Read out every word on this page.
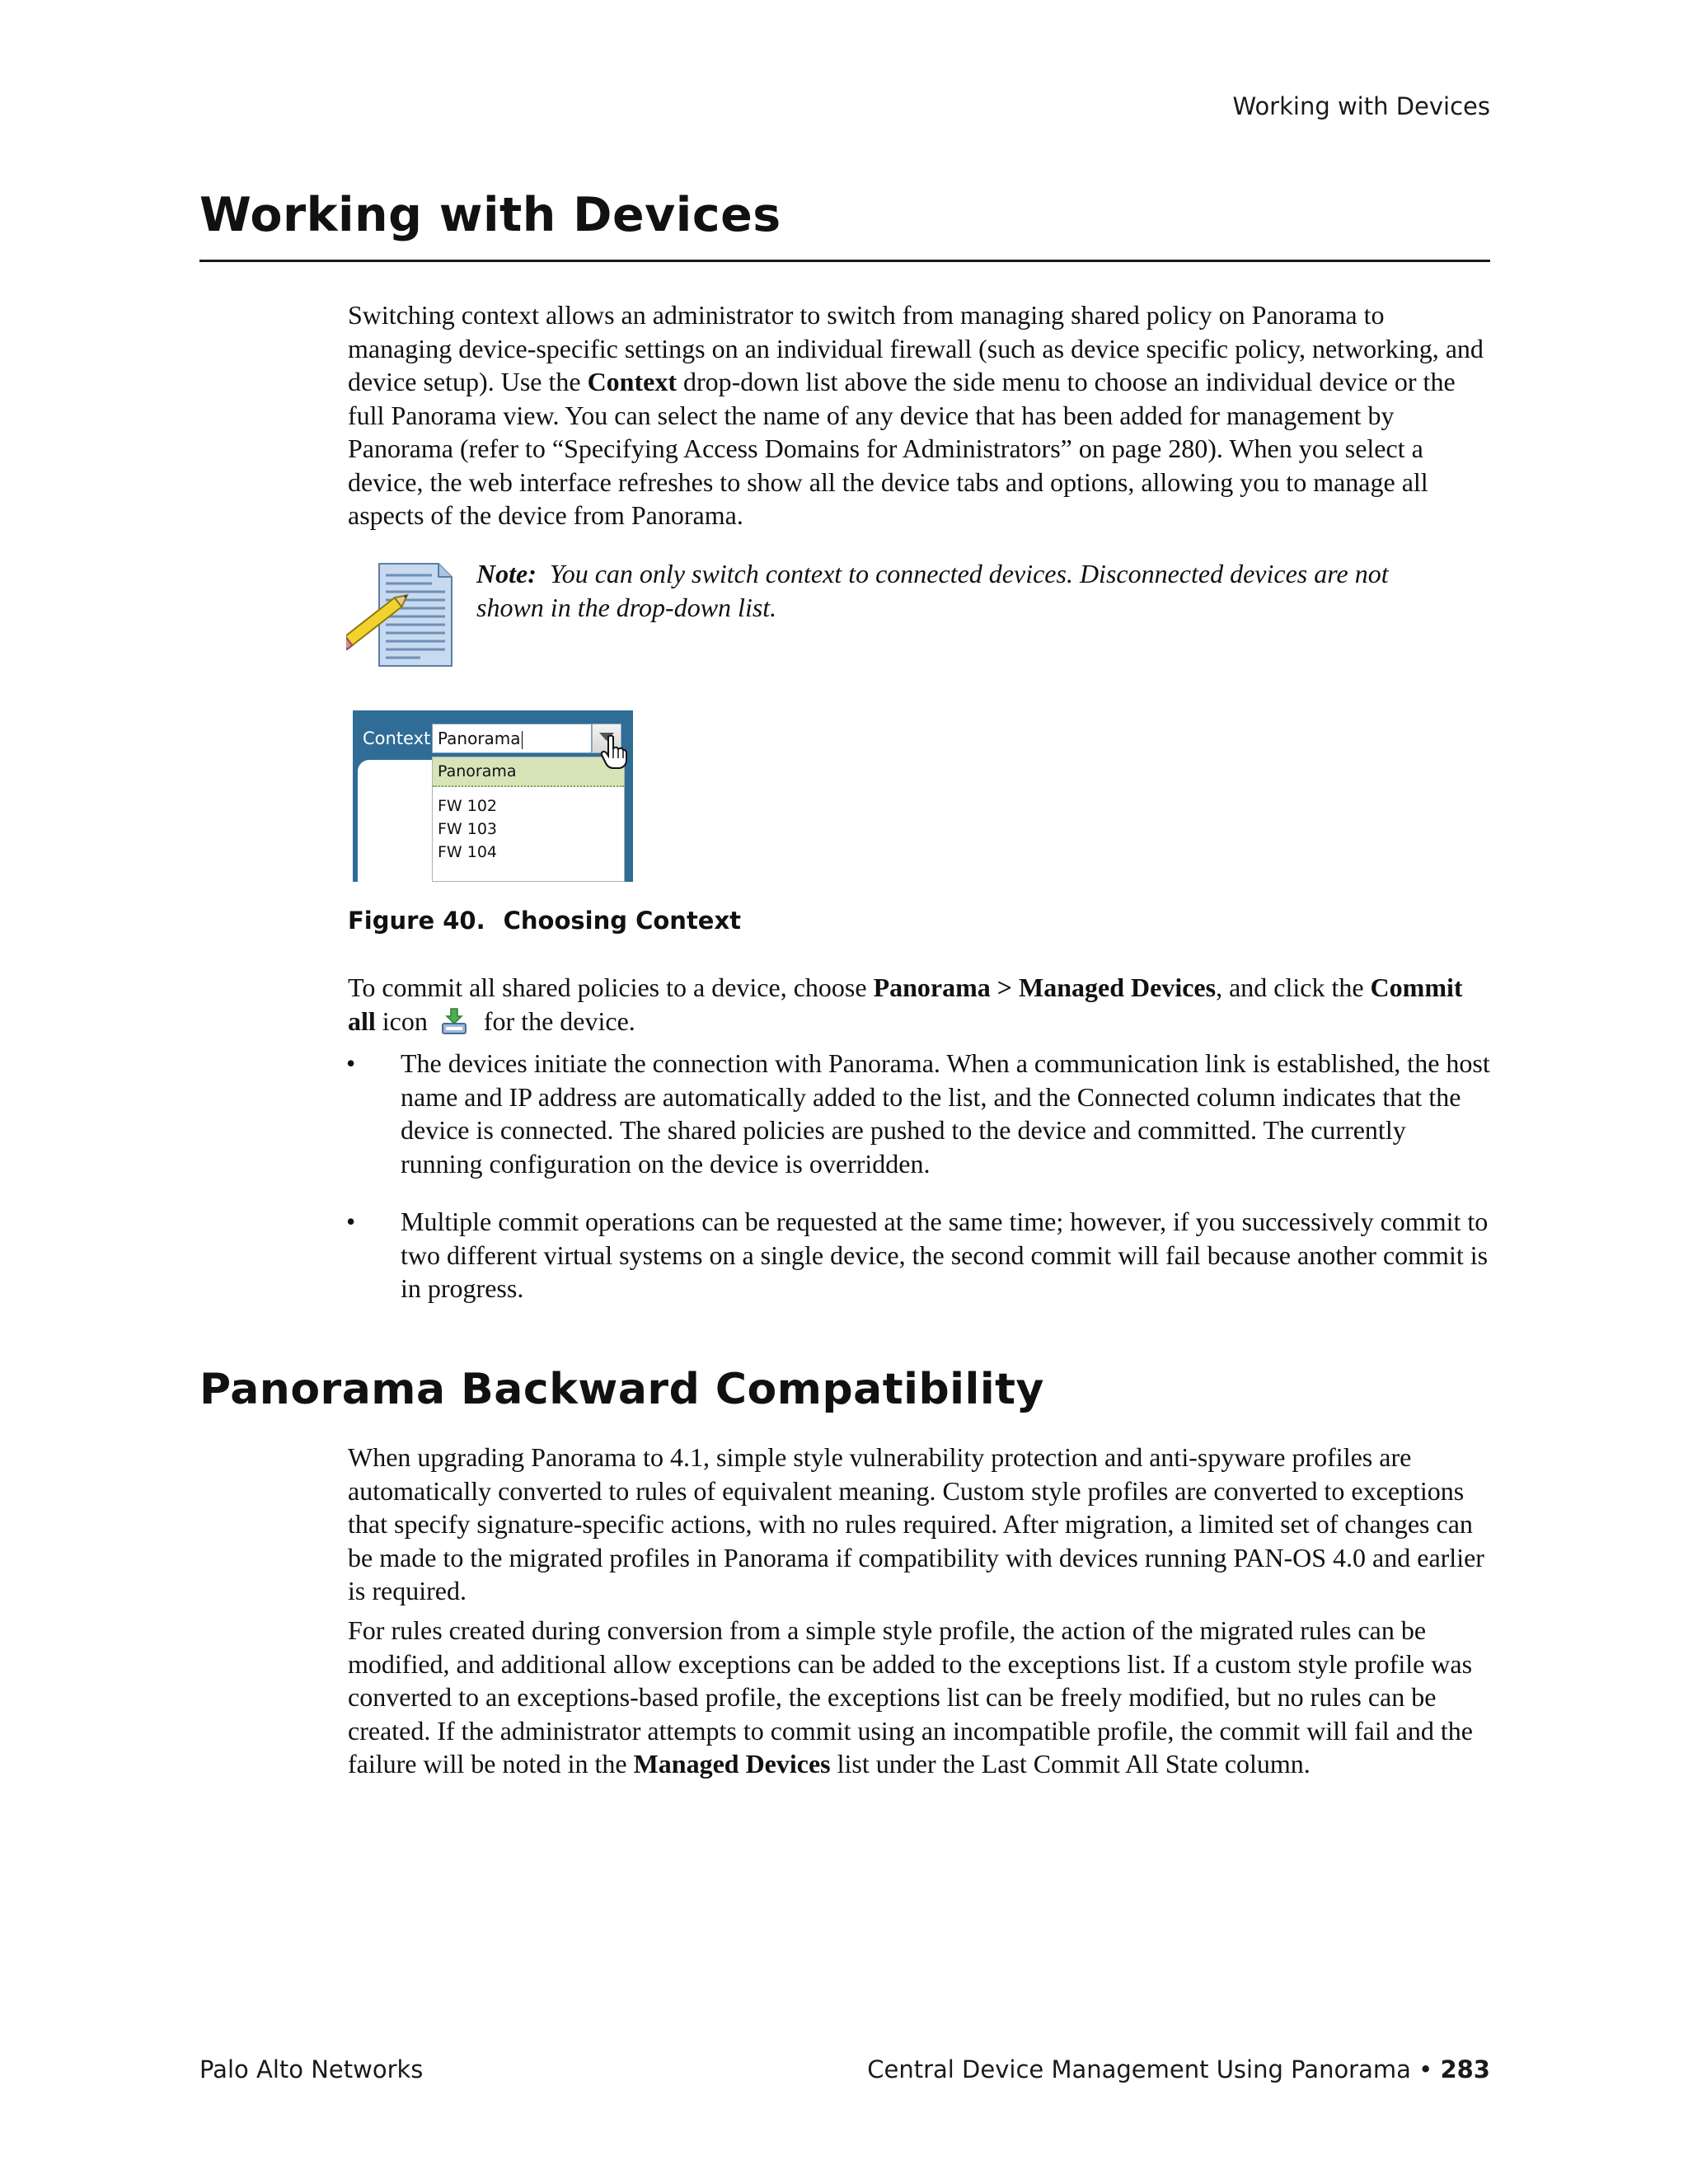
Working with Devices
Working with Devices

Switching context allows an administrator to switch from managing shared policy on Panorama to managing device-specific settings on an individual firewall (such as device specific policy, networking, and device setup). Use the Context drop-down list above the side menu to choose an individual device or the full Panorama view. You can select the name of any device that has been added for management by Panorama (refer to “Specifying Access Domains for Administrators” on page 280). When you select a device, the web interface refreshes to show all the device tabs and options, allowing you to manage all aspects of the device from Panorama.

Note: You can only switch context to connected devices. Disconnected devices are not shown in the drop-down list.
Context Panorama
Panorama
FW 102
FW 103
FW 104
Figure 40. Choosing Context

To commit all shared policies to a device, choose Panorama > Managed Devices, and click the Commit all icon for the device.

• The devices initiate the connection with Panorama. When a communication link is established, the host name and IP address are automatically added to the list, and the Connected column indicates that the device is connected. The shared policies are pushed to the device and committed. The currently running configuration on the device is overridden.

• Multiple commit operations can be requested at the same time; however, if you successively commit to two different virtual systems on a single device, the second commit will fail because another commit is in progress.

Panorama Backward Compatibility

When upgrading Panorama to 4.1, simple style vulnerability protection and anti-spyware profiles are automatically converted to rules of equivalent meaning. Custom style profiles are converted to exceptions that specify signature-specific actions, with no rules required. After migration, a limited set of changes can be made to the migrated profiles in Panorama if compatibility with devices running PAN-OS 4.0 and earlier is required.

For rules created during conversion from a simple style profile, the action of the migrated rules can be modified, and additional allow exceptions can be added to the exceptions list. If a custom style profile was converted to an exceptions-based profile, the exceptions list can be freely modified, but no rules can be created. If the administrator attempts to commit using an incompatible profile, the commit will fail and the failure will be noted in the Managed Devices list under the Last Commit All State column.

Palo Alto Networks	Central Device Management Using Panorama • 283
